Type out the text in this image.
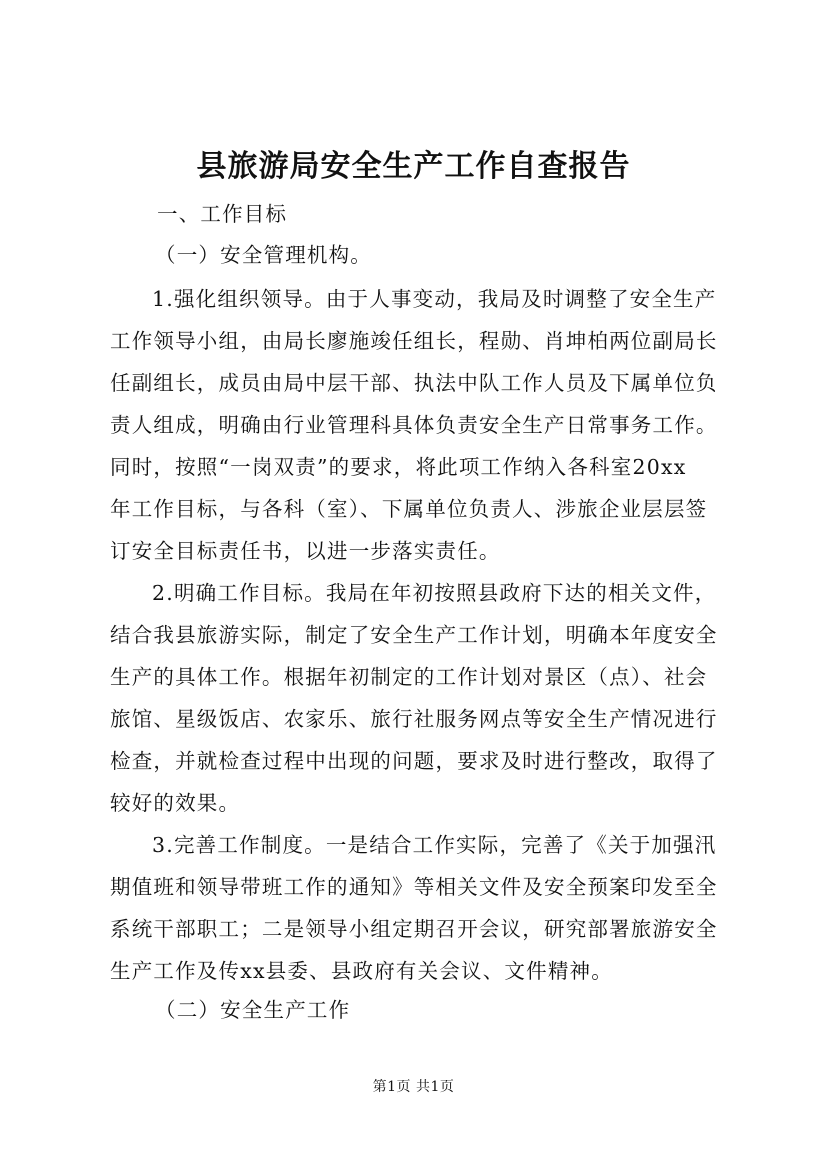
县旅游局安全生产工作自查报告
一、工作目标
（一）安全管理机构。
1.强化组织领导。由于人事变动，我局及时调整了安全生产
工作领导小组，由局长廖施竣任组长，程勋、肖坤柏两位副局长
任副组长，成员由局中层干部、执法中队工作人员及下属单位负
责人组成，明确由行业管理科具体负责安全生产日常事务工作。
同时，按照“一岗双责”的要求，将此项工作纳入各科室20xx
年工作目标，与各科（室）、下属单位负责人、涉旅企业层层签
订安全目标责任书，以进一步落实责任。
2.明确工作目标。我局在年初按照县政府下达的相关文件，
结合我县旅游实际，制定了安全生产工作计划，明确本年度安全
生产的具体工作。根据年初制定的工作计划对景区（点）、社会
旅馆、星级饭店、农家乐、旅行社服务网点等安全生产情况进行
检查，并就检查过程中出现的问题，要求及时进行整改，取得了
较好的效果。
3.完善工作制度。一是结合工作实际，完善了《关于加强汛
期值班和领导带班工作的通知》等相关文件及安全预案印发至全
系统干部职工；二是领导小组定期召开会议，研究部署旅游安全
生产工作及传xx县委、县政府有关会议、文件精神。
（二）安全生产工作
第1页 共1页
